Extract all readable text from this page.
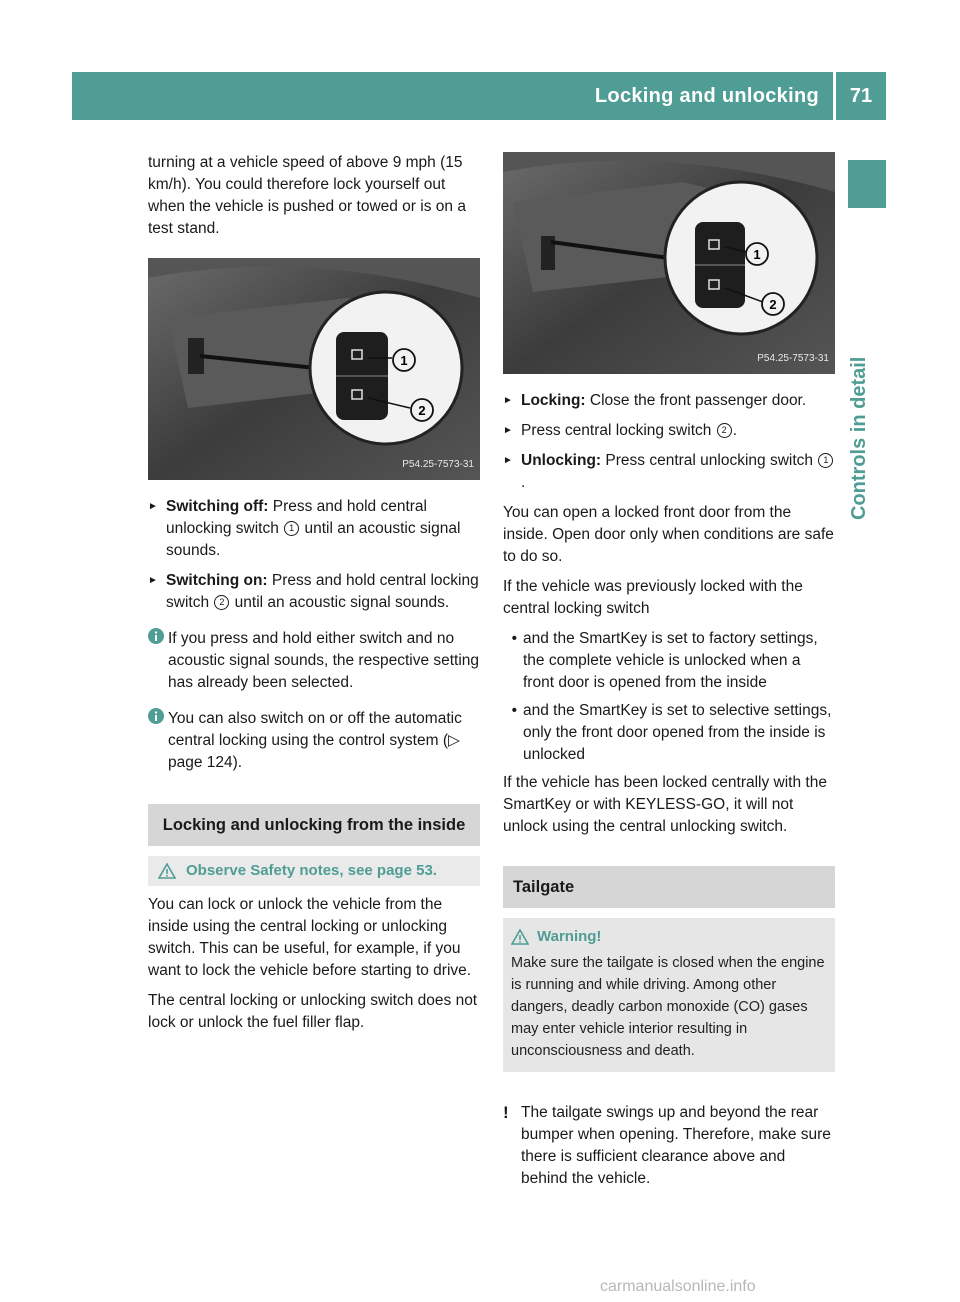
Locking and unlocking	71
Controls in detail

turning at a vehicle speed of above 9 mph (15 km/h). You could therefore lock yourself out when the vehicle is pushed or towed or is on a test stand.

1
2
P54.25-7573-31
► Switching off: Press and hold central unlocking switch 1 until an acoustic signal sounds.
► Switching on: Press and hold central locking switch 2 until an acoustic signal sounds.
If you press and hold either switch and no acoustic signal sounds, the respective setting has already been selected.
You can also switch on or off the automatic central locking using the control system (▷ page 124).
Locking and unlocking from the inside
Observe Safety notes, see page 53.

You can lock or unlock the vehicle from the inside using the central locking or unlocking switch. This can be useful, for example, if you want to lock the vehicle before starting to drive.

The central locking or unlocking switch does not lock or unlock the fuel filler flap.

1
2
P54.25-7573-31
► Locking: Close the front passenger door.
► Press central locking switch 2 .
► Unlocking: Press central unlocking switch 1.

You can open a locked front door from the inside. Open door only when conditions are safe to do so.

If the vehicle was previously locked with the central locking switch

• and the SmartKey is set to factory settings, the complete vehicle is unlocked when a front door is opened from the inside
• and the SmartKey is set to selective settings, only the front door opened from the inside is unlocked

If the vehicle has been locked centrally with the SmartKey or with KEYLESS-GO, it will not unlock using the central unlocking switch.

Tailgate
Warning!
Make sure the tailgate is closed when the engine is running and while driving. Among other dangers, deadly carbon monoxide (CO) gases may enter vehicle interior resulting in unconsciousness and death.
! The tailgate swings up and beyond the rear bumper when opening. Therefore, make sure there is sufficient clearance above and behind the vehicle.
carmanualsonline.info
